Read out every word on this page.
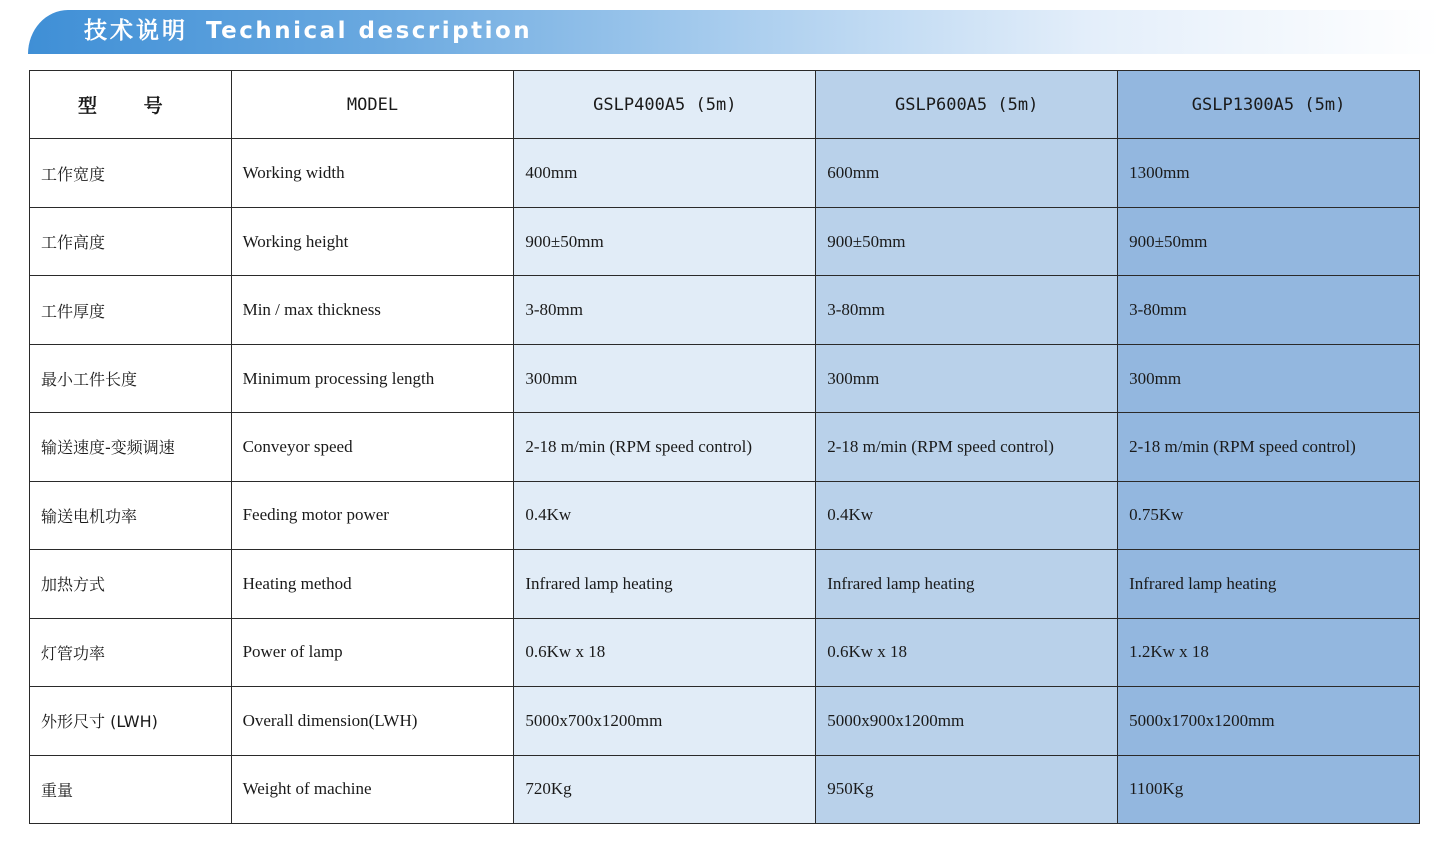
技术说明 Technical description
型 号	MODEL	GSLP400A5 (5m)	GSLP600A5 (5m)	GSLP1300A5 (5m)
工作宽度	Working width	400mm	600mm	1300mm
工作高度	Working height	900±50mm	900±50mm	900±50mm
工件厚度	Min / max thickness	3-80mm	3-80mm	3-80mm
最小工件长度	Minimum processing length	300mm	300mm	300mm
输送速度-变频调速	Conveyor speed	2-18 m/min (RPM speed control)	2-18 m/min (RPM speed control)	2-18 m/min (RPM speed control)
输送电机功率	Feeding motor power	0.4Kw	0.4Kw	0.75Kw
加热方式	Heating method	Infrared lamp heating	Infrared lamp heating	Infrared lamp heating
灯管功率	Power of lamp	0.6Kw x 18	0.6Kw x 18	1.2Kw x 18
外形尺寸 (LWH)	Overall dimension(LWH)	5000x700x1200mm	5000x900x1200mm	5000x1700x1200mm
重量	Weight of machine	720Kg	950Kg	1100Kg
